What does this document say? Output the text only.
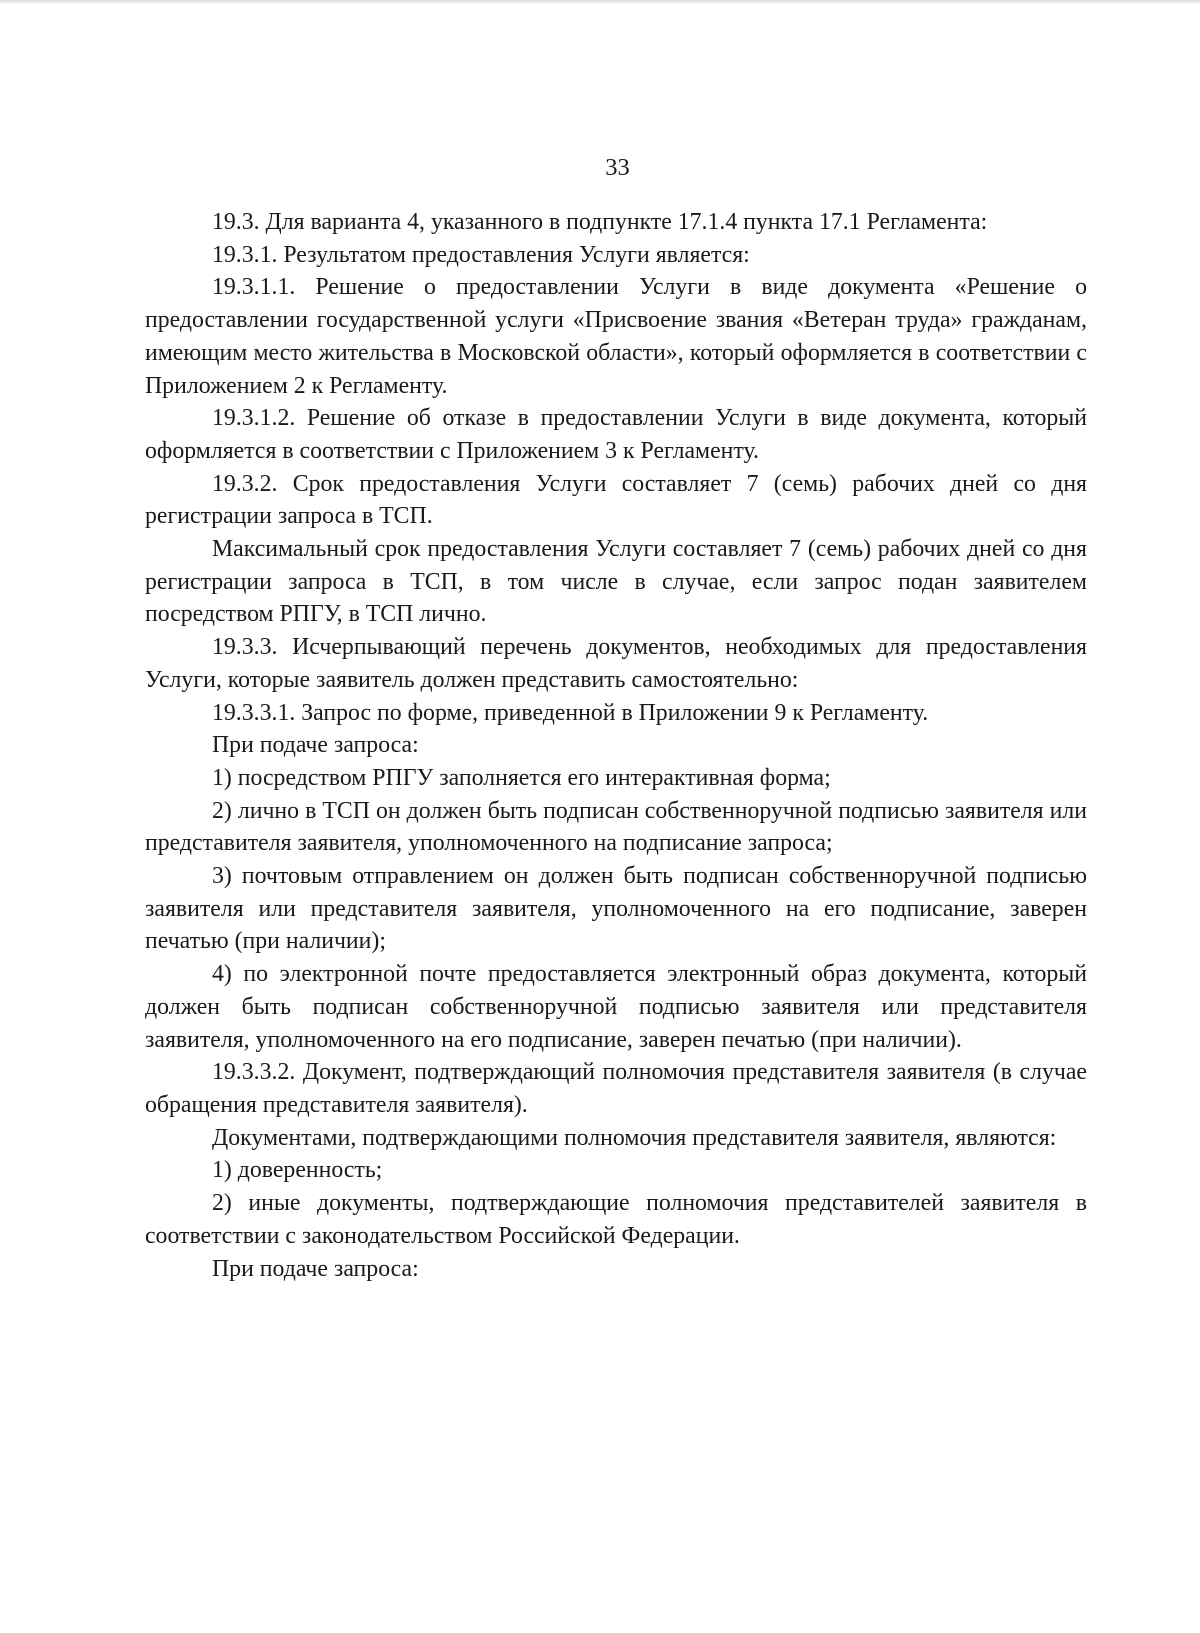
33

19.3. Для варианта 4, указанного в подпункте 17.1.4 пункта 17.1 Регламента:

19.3.1. Результатом предоставления Услуги является:

19.3.1.1. Решение о предоставлении Услуги в виде документа «Решение о предоставлении государственной услуги «Присвоение звания «Ветеран труда» гражданам, имеющим место жительства в Московской области», который оформляется в соответствии с Приложением 2 к Регламенту.

19.3.1.2. Решение об отказе в предоставлении Услуги в виде документа, который оформляется в соответствии с Приложением 3 к Регламенту.

19.3.2. Срок предоставления Услуги составляет 7 (семь) рабочих дней со дня регистрации запроса в ТСП.

Максимальный срок предоставления Услуги составляет 7 (семь) рабочих дней со дня регистрации запроса в ТСП, в том числе в случае, если запрос подан заявителем посредством РПГУ, в ТСП лично.

19.3.3. Исчерпывающий перечень документов, необходимых для предоставления Услуги, которые заявитель должен представить самостоятельно:

19.3.3.1. Запрос по форме, приведенной в Приложении 9 к Регламенту.

При подаче запроса:

1) посредством РПГУ заполняется его интерактивная форма;

2) лично в ТСП он должен быть подписан собственноручной подписью заявителя или представителя заявителя, уполномоченного на подписание запроса;

3) почтовым отправлением он должен быть подписан собственноручной подписью заявителя или представителя заявителя, уполномоченного на его подписание, заверен печатью (при наличии);

4) по электронной почте предоставляется электронный образ документа, который должен быть подписан собственноручной подписью заявителя или представителя заявителя, уполномоченного на его подписание, заверен печатью (при наличии).

19.3.3.2. Документ, подтверждающий полномочия представителя заявителя (в случае обращения представителя заявителя).

Документами, подтверждающими полномочия представителя заявителя, являются:

1) доверенность;

2) иные документы, подтверждающие полномочия представителей заявителя в соответствии с законодательством Российской Федерации.

При подаче запроса:
